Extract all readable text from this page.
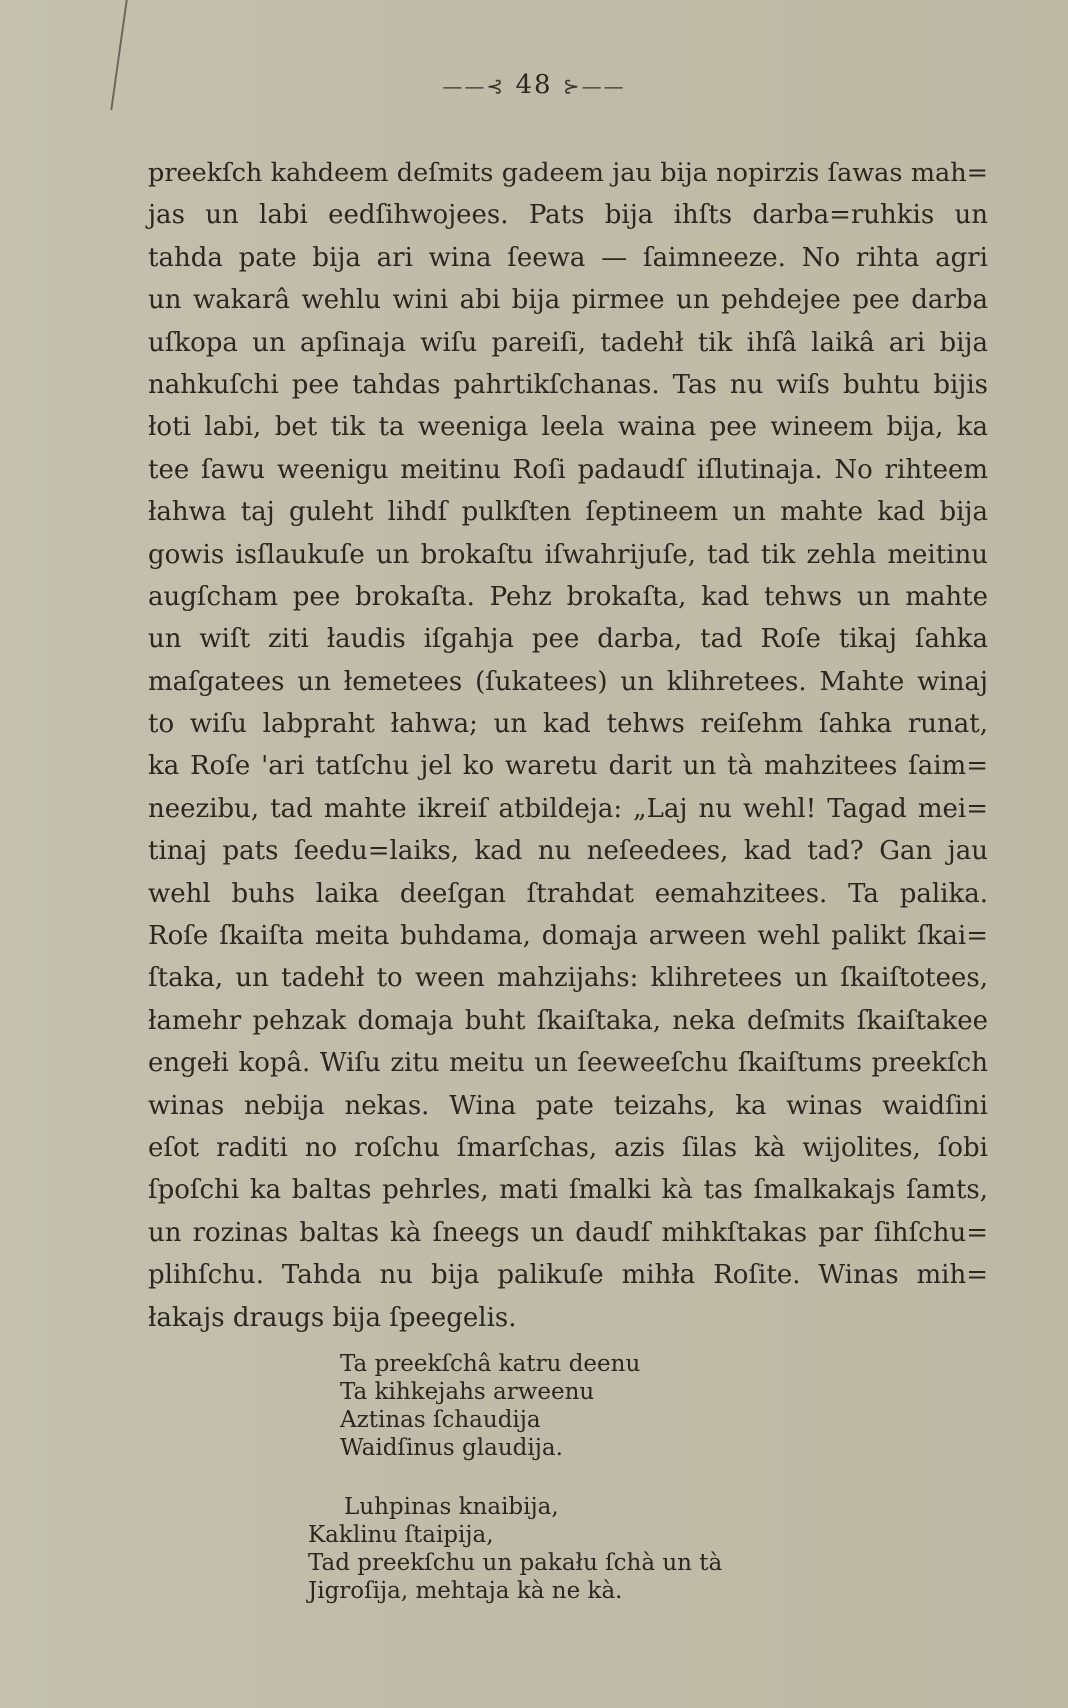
——⊰ 48 ⊱——
preekſch kahdeem deſmits gadeem jau bija nopirzis ſawas mah=
jas un labi eedſihwojees. Pats bija ihſts darba=ruhkis un
tahda pate bija ari wina ſeewa — ſaimneeze. No rihta agri
un wakarâ wehlu wini abi bija pirmee un pehdejee pee darba
uſkopa un apſinaja wiſu pareiſi, tadehł tik ihſâ laikâ ari bija
nahkuſchi pee tahdas pahrtikſchanas. Tas nu wiſs buhtu bijis
łoti labi, bet tik ta weeniga leela waina pee wineem bija, ka
tee ſawu weenigu meitinu Roſi padaudſ iſlutinaja. No rihteem
łahwa taj guleht lihdſ pulkſten ſeptineem un mahte kad bija
gowis isſlaukuſe un brokaſtu iſwahrijuſe, tad tik zehla meitinu
augſcham pee brokaſta. Pehz brokaſta, kad tehws un mahte
un wiſt ziti łaudis iſgahja pee darba, tad Roſe tikaj ſahka
maſgatees un łemetees (ſukatees) un klihretees. Mahte winaj
to wiſu labpraht łahwa; un kad tehws reiſehm ſahka runat,
ka Roſe 'ari tatſchu jel ko waretu darit un tà mahzitees ſaim=
neezibu, tad mahte ikreiſ atbildeja: „Laj nu wehl! Tagad mei=
tinaj pats ſeedu=laiks, kad nu neſeedees, kad tad? Gan jau
wehl buhs laika deeſgan ſtrahdat eemahzitees. Ta palika.
Roſe ſkaiſta meita buhdama, domaja arween wehl palikt ſkai=
ſtaka, un tadehł to ween mahzijahs: klihretees un ſkaiſtotees,
łamehr pehzak domaja buht ſkaiſtaka, neka deſmits ſkaiſtakee
engełi kopâ. Wiſu zitu meitu un ſeeweeſchu ſkaiſtums preekſch
winas nebija nekas. Wina pate teizahs, ka winas waidſini
eſot raditi no roſchu ſmarſchas, azis ſilas kà wijolites, ſobi
ſpoſchi ka baltas pehrles, mati ſmalki kà tas ſmalkakajs ſamts,
un rozinas baltas kà ſneegs un daudſ mihkſtakas par ſihſchu=
plihſchu. Tahda nu bija palikuſe mihła Roſite. Winas mih=
łakajs draugs bija ſpeegelis.
Ta preekſchâ katru deenu
Ta kihkejahs arweenu
Aztinas ſchaudija
Waidſinus glaudija.
Luhpinas knaibija,
Kaklinu ſtaipija,
Tad preekſchu un pakału ſchà un tà
Jigroſija, mehtaja kà ne kà.
